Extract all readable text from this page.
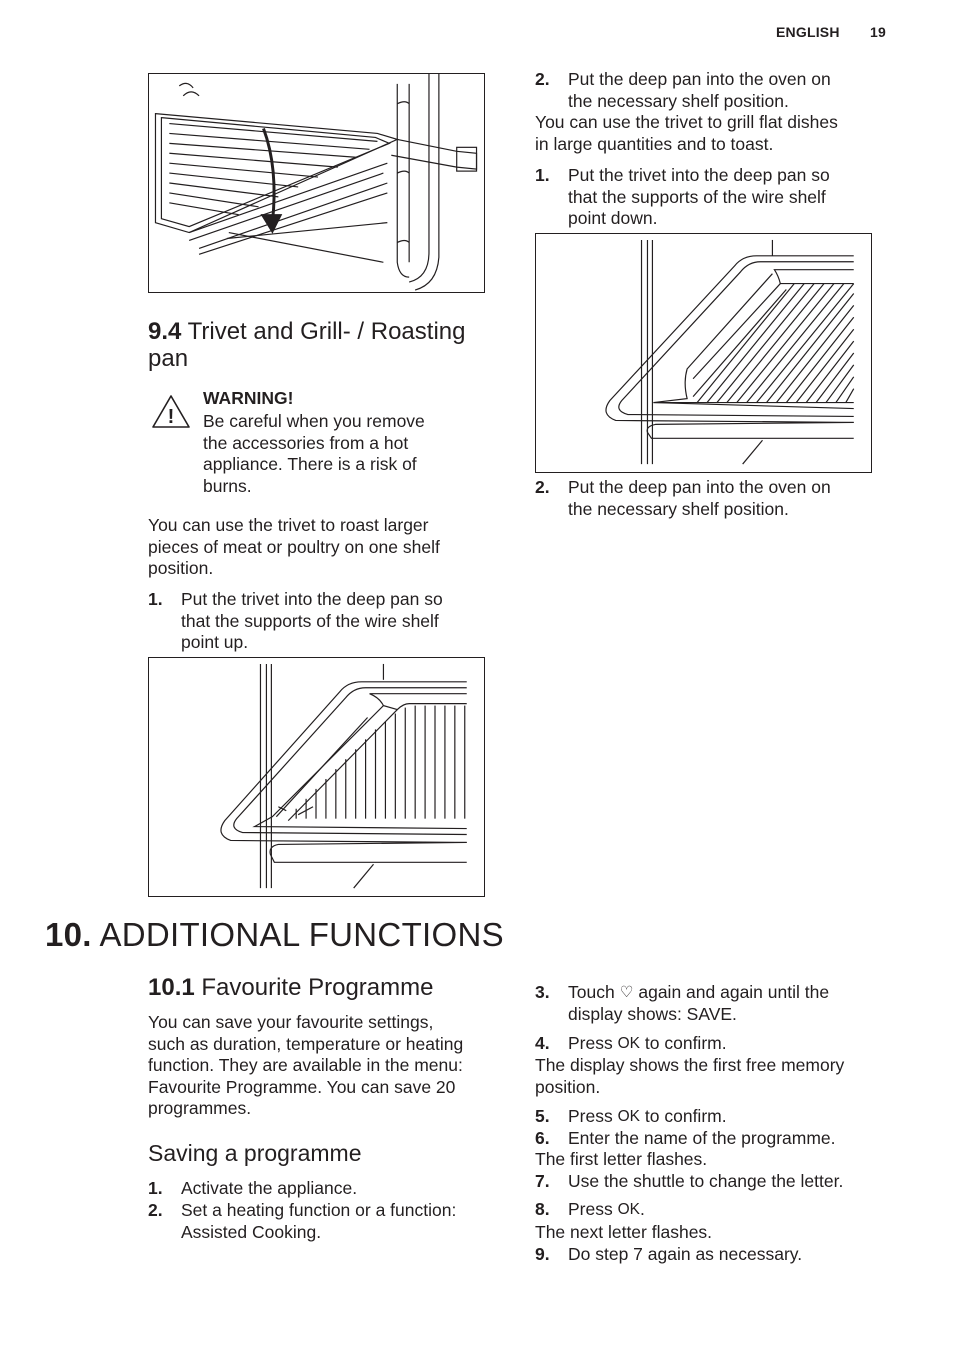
ENGLISH 19
9.4 Trivet and Grill- / Roasting pan
!
WARNING!
Be careful when you remove
the accessories from a hot
appliance. There is a risk of
burns.
You can use the trivet to roast larger
pieces of meat or poultry on one shelf
position.
1. Put the trivet into the deep pan so
that the supports of the wire shelf
point up.
2. Put the deep pan into the oven on
the necessary shelf position.
You can use the trivet to grill flat dishes
in large quantities and to toast.
1. Put the trivet into the deep pan so
that the supports of the wire shelf
point down.
2. Put the deep pan into the oven on
the necessary shelf position.
10. ADDITIONAL FUNCTIONS
10.1 Favourite Programme
You can save your favourite settings,
such as duration, temperature or heating
function. They are available in the menu:
Favourite Programme. You can save 20
programmes.
Saving a programme
1. Activate the appliance.
2. Set a heating function or a function:
Assisted Cooking.
3. Touch ♡ again and again until the
display shows: SAVE.
4. Press OK to confirm.
The display shows the first free memory
position.
5. Press OK to confirm.
6. Enter the name of the programme.
The first letter flashes.
7. Use the shuttle to change the letter.
8. Press OK.
The next letter flashes.
9. Do step 7 again as necessary.
